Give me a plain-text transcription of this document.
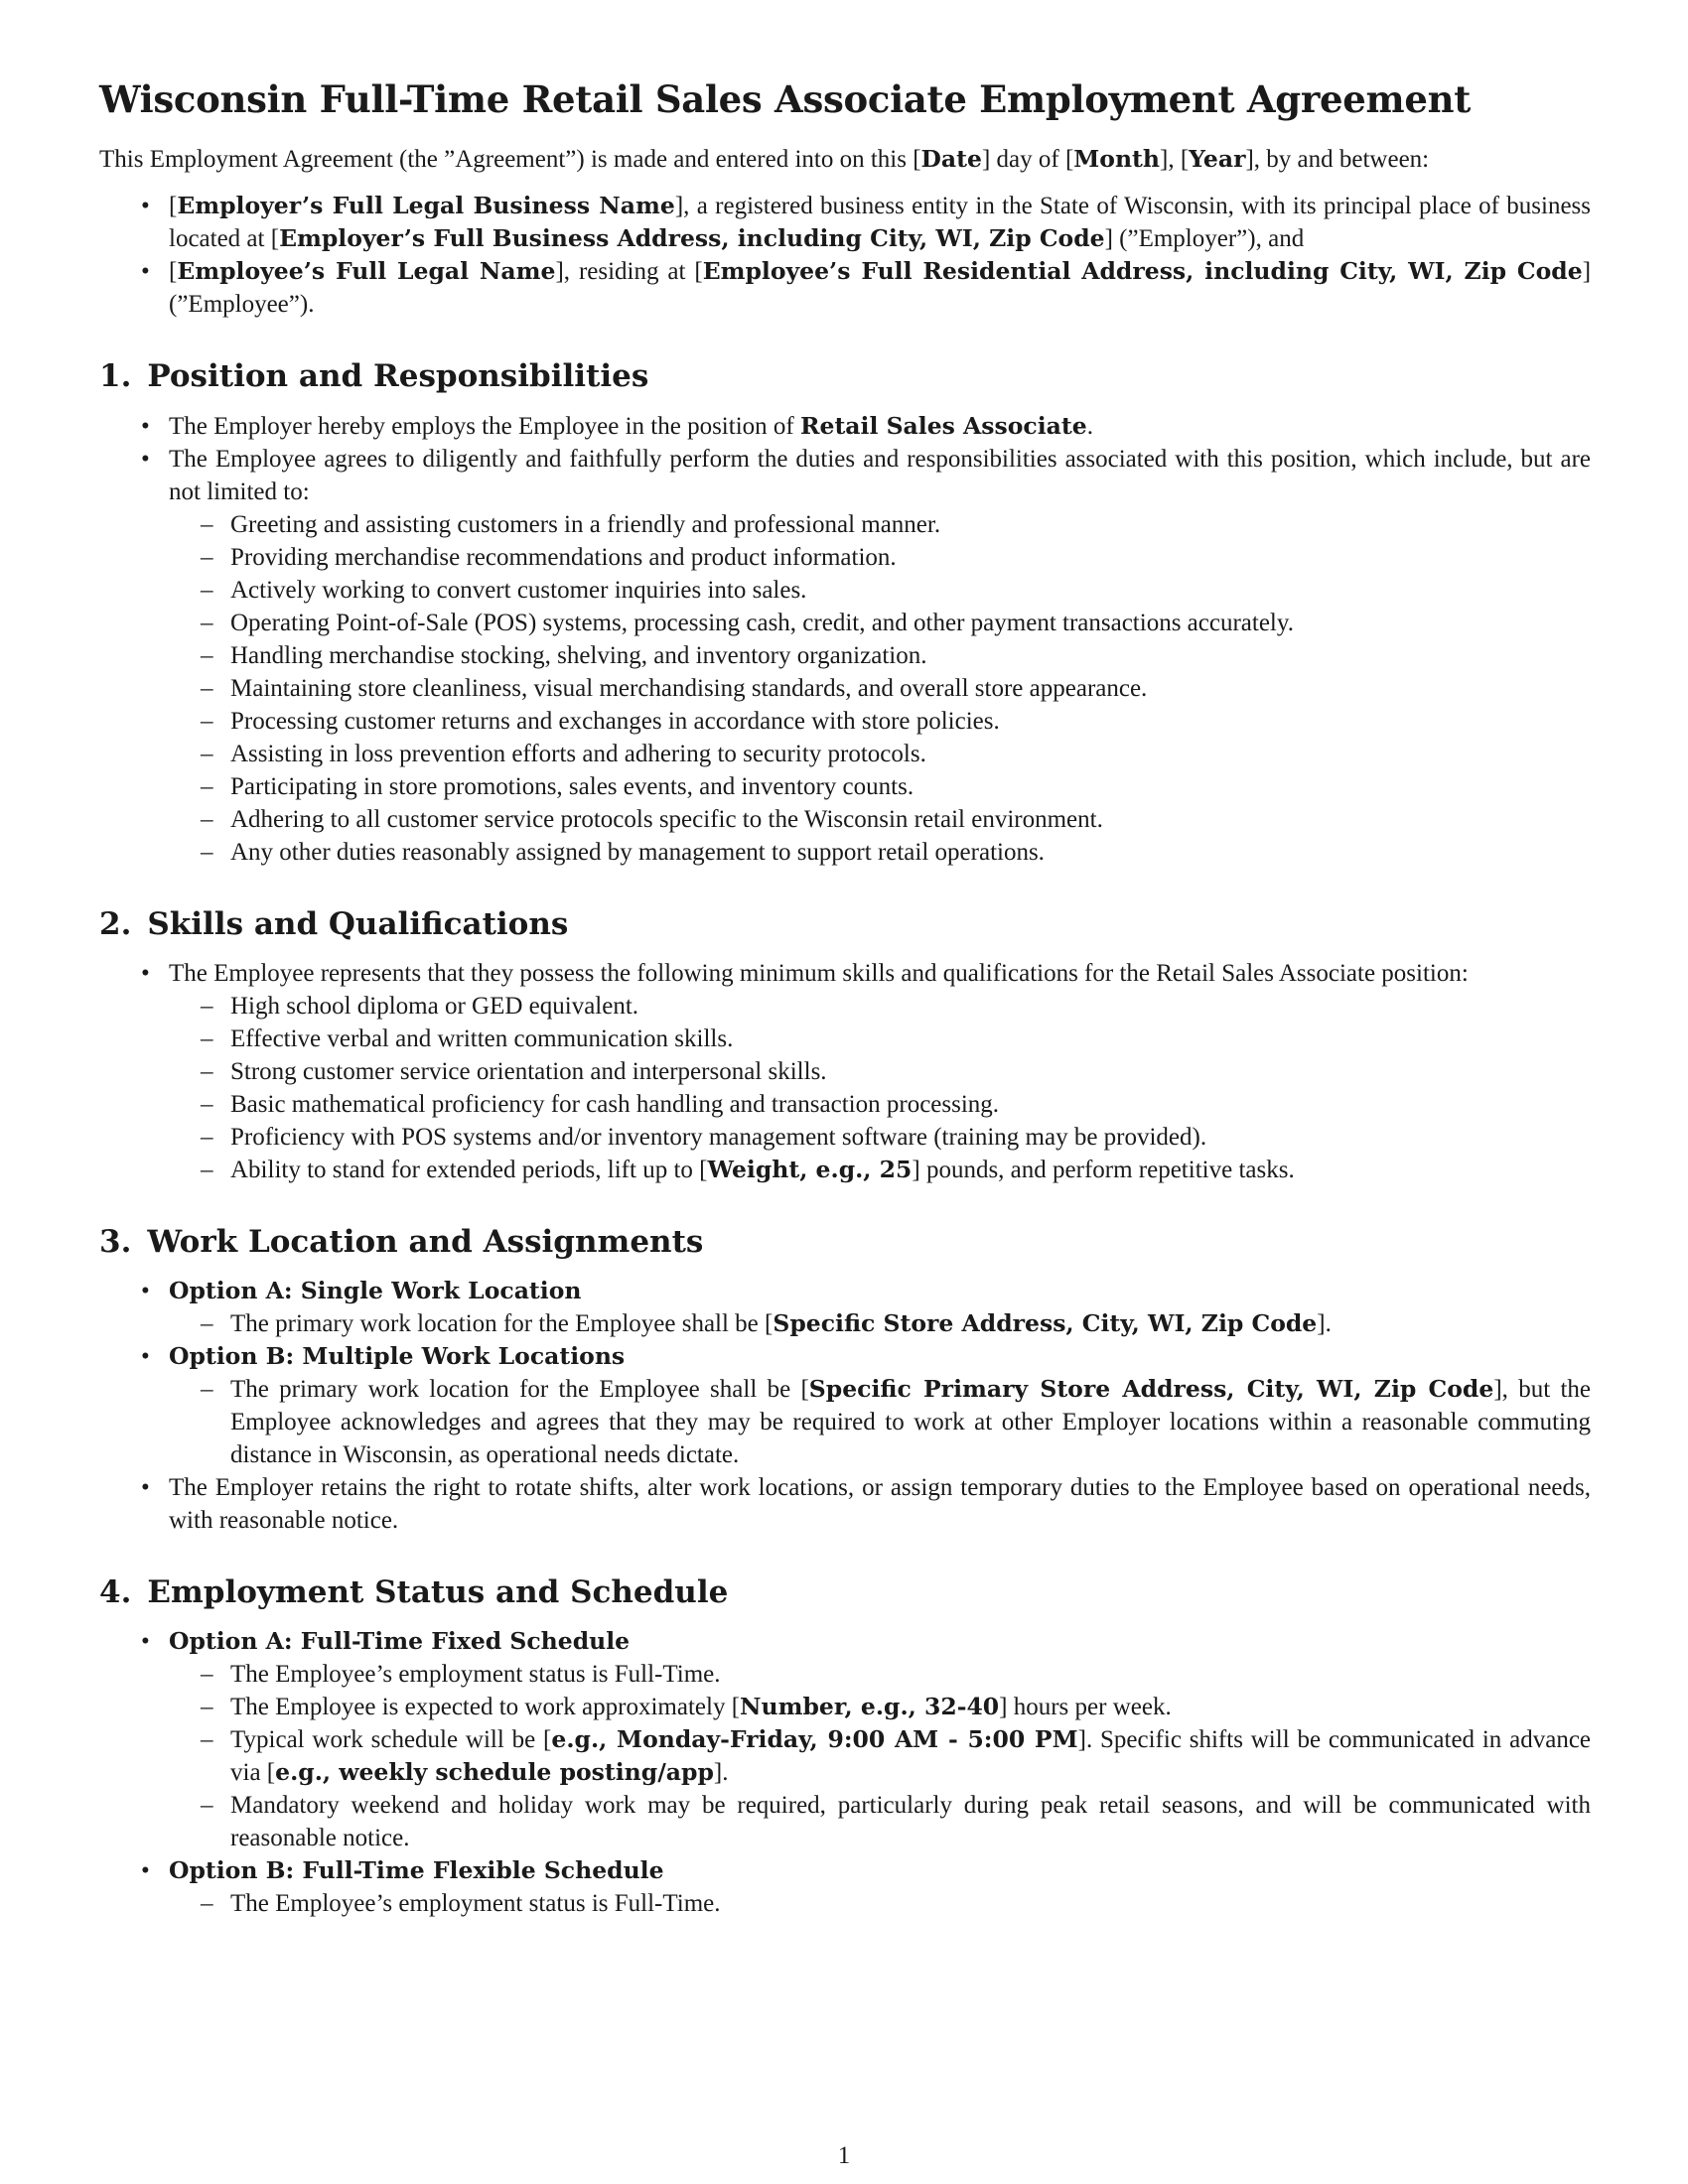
Wisconsin Full-Time Retail Sales Associate Employment Agreement

This Employment Agreement (the ”Agreement”) is made and entered into on this [Date] day of [Month], [Year], by and between:

• [Employer’s Full Legal Business Name], a registered business entity in the State of Wisconsin, with its principal place of business located at [Employer’s Full Business Address, including City, WI, Zip Code] (”Employer”), and
• [Employee’s Full Legal Name], residing at [Employee’s Full Residential Address, including City, WI, Zip Code] (”Employee”).
1. Position and Responsibilities
• The Employer hereby employs the Employee in the position of Retail Sales Associate.
• The Employee agrees to diligently and faithfully perform the duties and responsibilities associated with this position, which include, but are not limited to:
– Greeting and assisting customers in a friendly and professional manner.
– Providing merchandise recommendations and product information.
– Actively working to convert customer inquiries into sales.
– Operating Point-of-Sale (POS) systems, processing cash, credit, and other payment transactions accurately.
– Handling merchandise stocking, shelving, and inventory organization.
– Maintaining store cleanliness, visual merchandising standards, and overall store appearance.
– Processing customer returns and exchanges in accordance with store policies.
– Assisting in loss prevention efforts and adhering to security protocols.
– Participating in store promotions, sales events, and inventory counts.
– Adhering to all customer service protocols specific to the Wisconsin retail environment.
– Any other duties reasonably assigned by management to support retail operations.
2. Skills and Qualifications
• The Employee represents that they possess the following minimum skills and qualifications for the Retail Sales Associate position:
– High school diploma or GED equivalent.
– Effective verbal and written communication skills.
– Strong customer service orientation and interpersonal skills.
– Basic mathematical proficiency for cash handling and transaction processing.
– Proficiency with POS systems and/or inventory management software (training may be provided).
– Ability to stand for extended periods, lift up to [Weight, e.g., 25] pounds, and perform repetitive tasks.
3. Work Location and Assignments
• Option A: Single Work Location
– The primary work location for the Employee shall be [Specific Store Address, City, WI, Zip Code].
• Option B: Multiple Work Locations
– The primary work location for the Employee shall be [Specific Primary Store Address, City, WI, Zip Code], but the Employee acknowledges and agrees that they may be required to work at other Employer locations within a reasonable commuting distance in Wisconsin, as operational needs dictate.
• The Employer retains the right to rotate shifts, alter work locations, or assign temporary duties to the Employee based on operational needs, with reasonable notice.
4. Employment Status and Schedule
• Option A: Full-Time Fixed Schedule
– The Employee’s employment status is Full-Time.
– The Employee is expected to work approximately [Number, e.g., 32-40] hours per week.
– Typical work schedule will be [e.g., Monday-Friday, 9:00 AM - 5:00 PM]. Specific shifts will be communicated in advance via [e.g., weekly schedule posting/app].
– Mandatory weekend and holiday work may be required, particularly during peak retail seasons, and will be communicated with reasonable notice.
• Option B: Full-Time Flexible Schedule
– The Employee’s employment status is Full-Time.
1
